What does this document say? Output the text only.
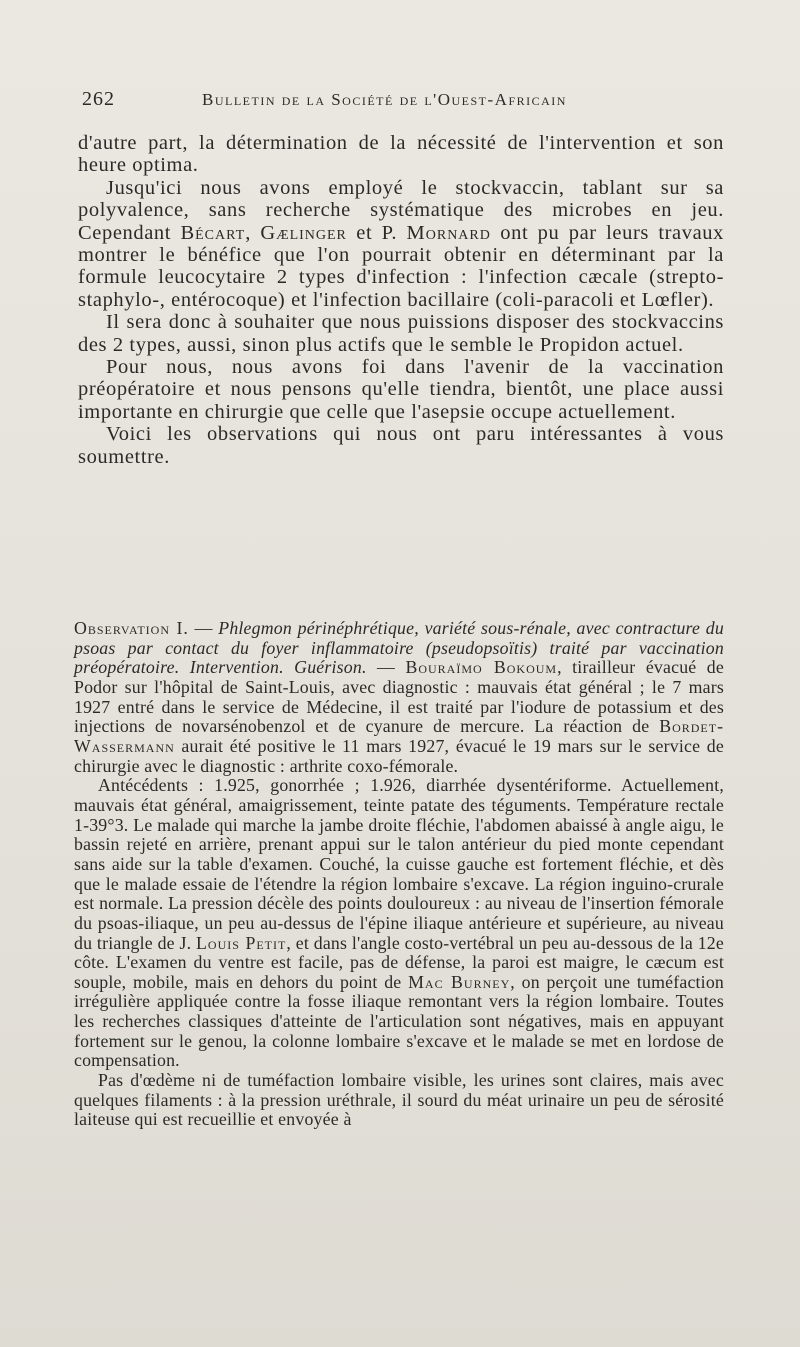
262	Bulletin de la Société de l'Ouest-Africain

d'autre part, la détermination de la nécessité de l'intervention et son heure optima.

Jusqu'ici nous avons employé le stockvaccin, tablant sur sa polyvalence, sans recherche systématique des microbes en jeu. Cependant Bécart, Gælinger et P. Mornard ont pu par leurs travaux montrer le bénéfice que l'on pourrait obtenir en déterminant par la formule leucocytaire 2 types d'infection : l'infection cæcale (strepto-staphylo-, entérocoque) et l'infection bacillaire (coli-paracoli et Lœfler).

Il sera donc à souhaiter que nous puissions disposer des stockvaccins des 2 types, aussi, sinon plus actifs que le semble le Propidon actuel.

Pour nous, nous avons foi dans l'avenir de la vaccination préopératoire et nous pensons qu'elle tiendra, bientôt, une place aussi importante en chirurgie que celle que l'asepsie occupe actuellement.

Voici les observations qui nous ont paru intéressantes à vous soumettre.

Observation I. — Phlegmon périnéphrétique, variété sous-rénale, avec contracture du psoas par contact du foyer inflammatoire (pseudopsoïtis) traité par vaccination préopératoire. Intervention. Guérison. — Bouraïmo Bokoum, tirailleur évacué de Podor sur l'hôpital de Saint-Louis, avec diagnostic : mauvais état général ; le 7 mars 1927 entré dans le service de Médecine, il est traité par l'iodure de potassium et des injections de novarsénobenzol et de cyanure de mercure. La réaction de Bordet-Wassermann aurait été positive le 11 mars 1927, évacué le 19 mars sur le service de chirurgie avec le diagnostic : arthrite coxo-fémorale.

Antécédents : 1.925, gonorrhée ; 1.926, diarrhée dysentériforme. Actuellement, mauvais état général, amaigrissement, teinte patate des téguments. Température rectale 1-39°3. Le malade qui marche la jambe droite fléchie, l'abdomen abaissé à angle aigu, le bassin rejeté en arrière, prenant appui sur le talon antérieur du pied monte cependant sans aide sur la table d'examen. Couché, la cuisse gauche est fortement fléchie, et dès que le malade essaie de l'étendre la région lombaire s'excave. La région inguino-crurale est normale. La pression décèle des points douloureux : au niveau de l'insertion fémorale du psoas-iliaque, un peu au-dessus de l'épine iliaque antérieure et supérieure, au niveau du triangle de J. Louis Petit, et dans l'angle costo-vertébral un peu au-dessous de la 12e côte. L'examen du ventre est facile, pas de défense, la paroi est maigre, le cæcum est souple, mobile, mais en dehors du point de Mac Burney, on perçoit une tuméfaction irrégulière appliquée contre la fosse iliaque remontant vers la région lombaire. Toutes les recherches classiques d'atteinte de l'articulation sont négatives, mais en appuyant fortement sur le genou, la colonne lombaire s'excave et le malade se met en lordose de compensation.

Pas d'œdème ni de tuméfaction lombaire visible, les urines sont claires, mais avec quelques filaments : à la pression uréthrale, il sourd du méat urinaire un peu de sérosité laiteuse qui est recueillie et envoyée à
